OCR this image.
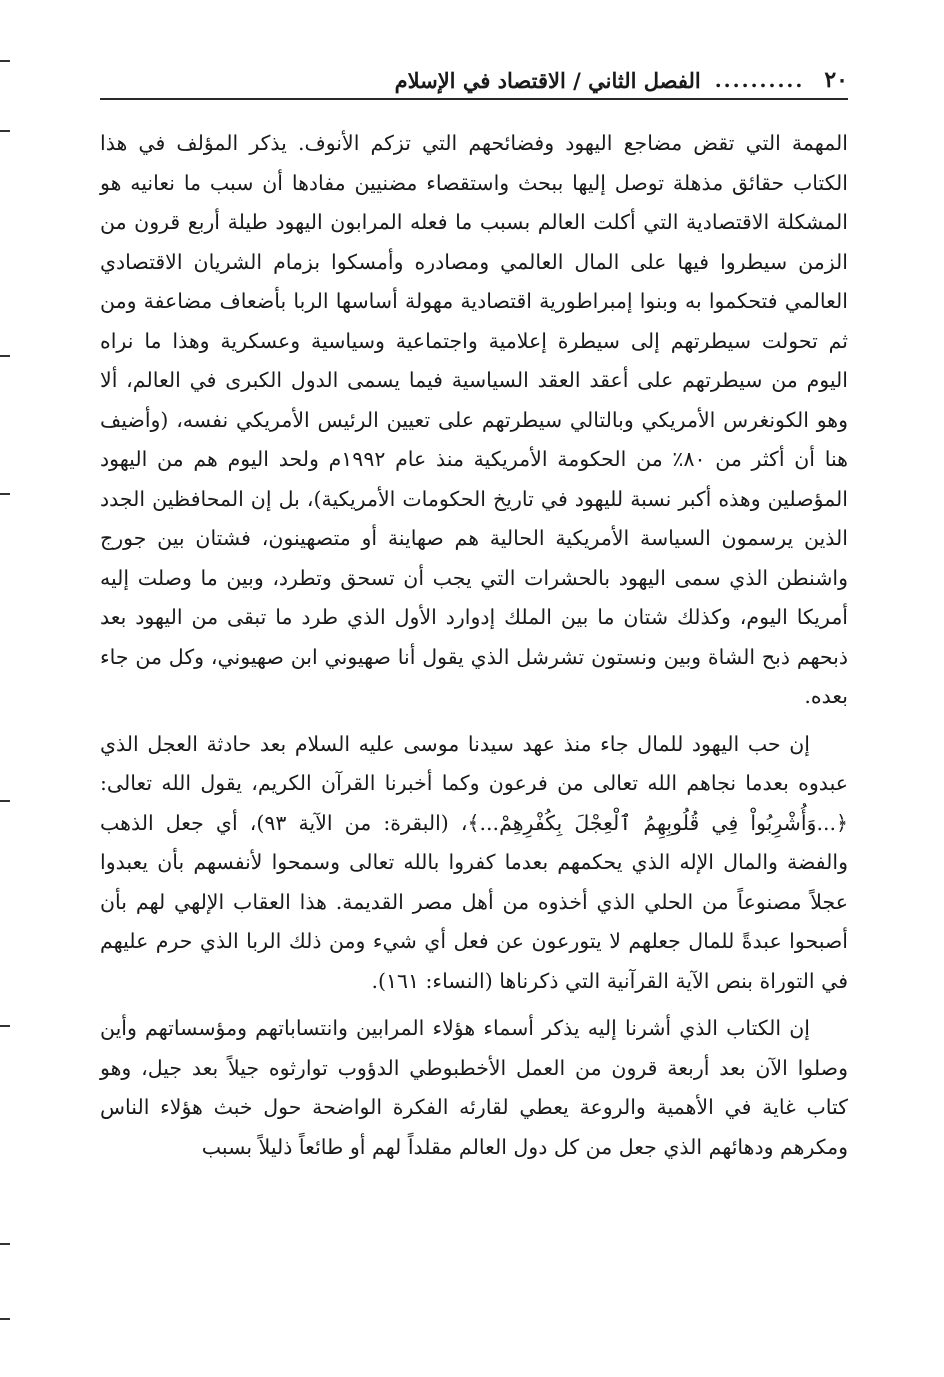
٢٠
..........
الفصل الثاني / الاقتصاد في الإسلام

المهمة التي تقض مضاجع اليهود وفضائحهم التي تزكم الأنوف. يذكر المؤلف في هذا الكتاب حقائق مذهلة توصل إليها ببحث واستقصاء مضنيين مفادها أن سبب ما نعانيه هو المشكلة الاقتصادية التي أكلت العالم بسبب ما فعله المرابون اليهود طيلة أربع قرون من الزمن سيطروا فيها على المال العالمي ومصادره وأمسكوا بزمام الشريان الاقتصادي العالمي فتحكموا به وبنوا إمبراطورية اقتصادية مهولة أساسها الربا بأضعاف مضاعفة ومن ثم تحولت سيطرتهم إلى سيطرة إعلامية واجتماعية وسياسية وعسكرية وهذا ما نراه اليوم من سيطرتهم على أعقد العقد السياسية فيما يسمى الدول الكبرى في العالم، ألا وهو الكونغرس الأمريكي وبالتالي سيطرتهم على تعيين الرئيس الأمريكي نفسه، (وأضيف هنا أن أكثر من ٨٠٪ من الحكومة الأمريكية منذ عام ١٩٩٢م ولحد اليوم هم من اليهود المؤصلين وهذه أكبر نسبة لليهود في تاريخ الحكومات الأمريكية)، بل إن المحافظين الجدد الذين يرسمون السياسة الأمريكية الحالية هم صهاينة أو متصهينون، فشتان بين جورج واشنطن الذي سمى اليهود بالحشرات التي يجب أن تسحق وتطرد، وبين ما وصلت إليه أمريكا اليوم، وكذلك شتان ما بين الملك إدوارد الأول الذي طرد ما تبقى من اليهود بعد ذبحهم ذبح الشاة وبين ونستون تشرشل الذي يقول أنا صهيوني ابن صهيوني، وكل من جاء بعده.

إن حب اليهود للمال جاء منذ عهد سيدنا موسى عليه السلام بعد حادثة العجل الذي عبدوه بعدما نجاهم الله تعالى من فرعون وكما أخبرنا القرآن الكريم، يقول الله تعالى: ﴿...وَأُشْرِبُواْ فِي قُلُوبِهِمُ ٱلْعِجْلَ بِكُفْرِهِمْ...﴾، (البقرة: من الآية ٩٣)، أي جعل الذهب والفضة والمال الإله الذي يحكمهم بعدما كفروا بالله تعالى وسمحوا لأنفسهم بأن يعبدوا عجلاً مصنوعاً من الحلي الذي أخذوه من أهل مصر القديمة. هذا العقاب الإلهي لهم بأن أصبحوا عبدةً للمال جعلهم لا يتورعون عن فعل أي شيء ومن ذلك الربا الذي حرم عليهم في التوراة بنص الآية القرآنية التي ذكرناها (النساء: ١٦١).

إن الكتاب الذي أشرنا إليه يذكر أسماء هؤلاء المرابين وانتساباتهم ومؤسساتهم وأين وصلوا الآن بعد أربعة قرون من العمل الأخطبوطي الدؤوب توارثوه جيلاً بعد جيل، وهو كتاب غاية في الأهمية والروعة يعطي لقارئه الفكرة الواضحة حول خبث هؤلاء الناس ومكرهم ودهائهم الذي جعل من كل دول العالم مقلداً لهم أو طائعاً ذليلاً بسبب
